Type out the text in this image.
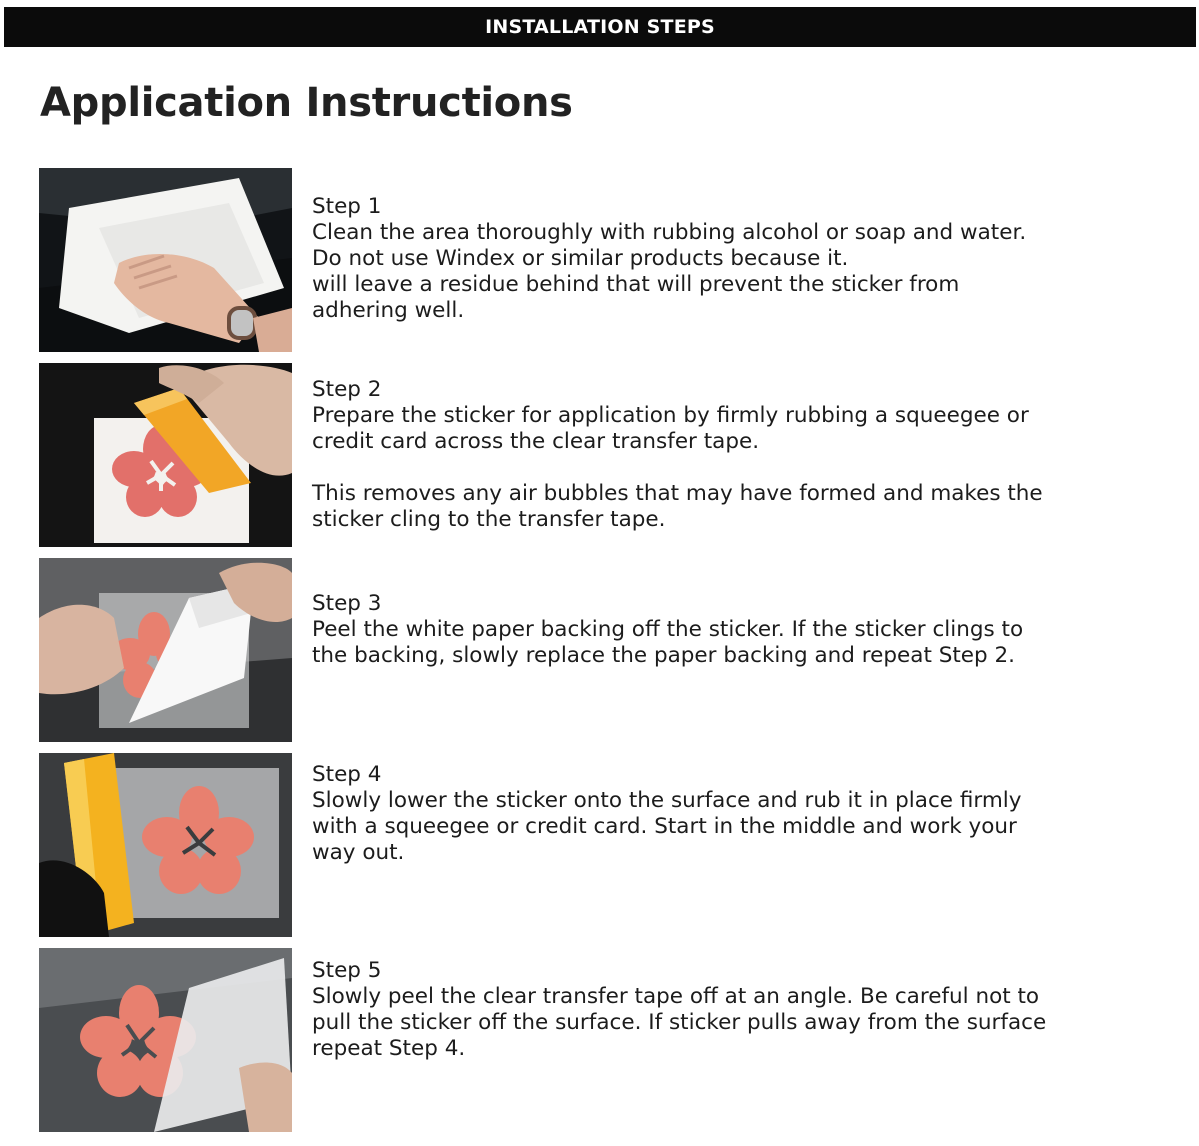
INSTALLATION STEPS
Application Instructions

Step 1

Clean the area thoroughly with rubbing alcohol or soap and water.

Do not use Windex or similar products because it.

will leave a residue behind that will prevent the sticker from

adhering well.

Step 2

Prepare the sticker for application by firmly rubbing a squeegee or

credit card across the clear transfer tape.

This removes any air bubbles that may have formed and makes the

sticker cling to the transfer tape.

Step 3

Peel the white paper backing off the sticker. If the sticker clings to

the backing, slowly replace the paper backing and repeat Step 2.

Step 4

Slowly lower the sticker onto the surface and rub it in place firmly

with a squeegee or credit card. Start in the middle and work your

way out.

Step 5

Slowly peel the clear transfer tape off at an angle. Be careful not to

pull the sticker off the surface. If sticker pulls away from the surface

repeat Step 4.
